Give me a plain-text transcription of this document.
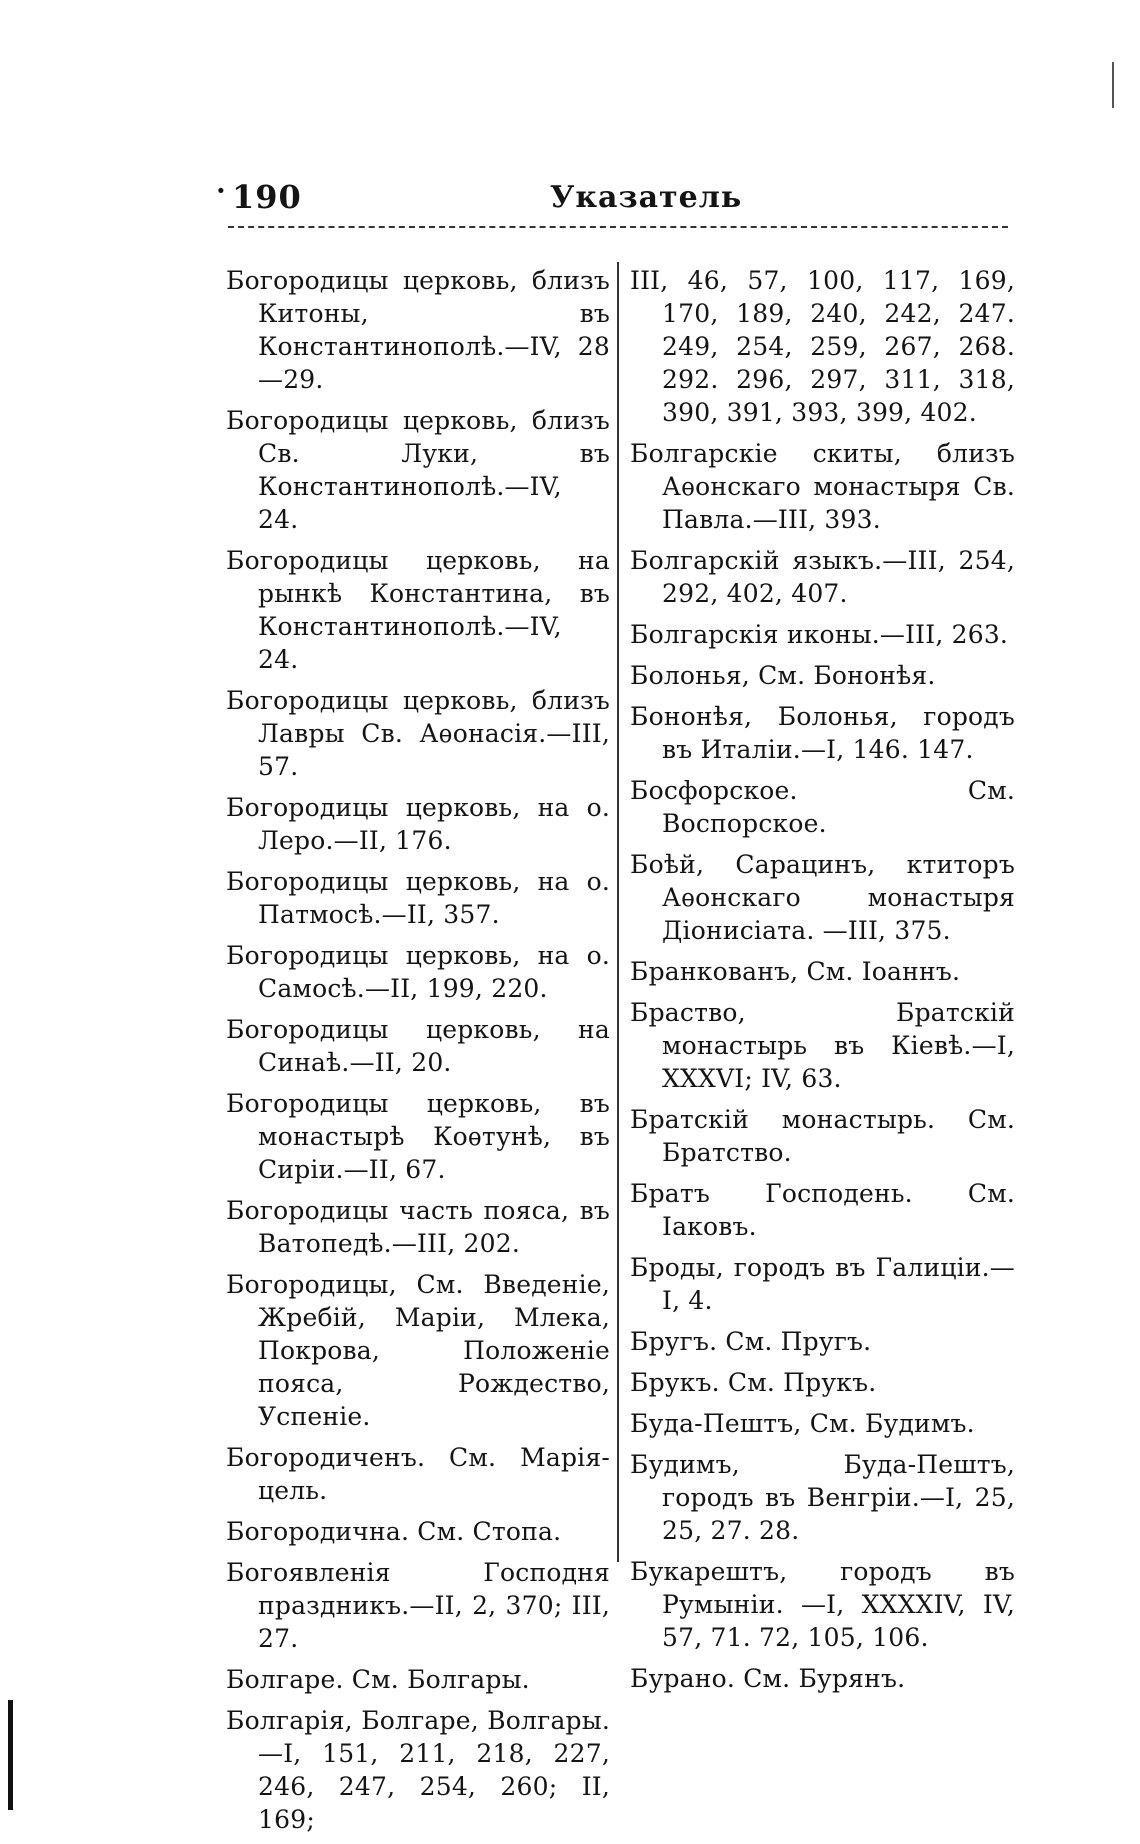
· 190	Указатель

Богородицы церковь, близъ Китоны, въ Константинополѣ.—IV, 28—29.

Богородицы церковь, близъ Св. Луки, въ Константинополѣ.—IV, 24.

Богородицы церковь, на рынкѣ Константина, въ Константинополѣ.—IV, 24.

Богородицы церковь, близъ Лавры Св. Аѳонасія.—III, 57.

Богородицы церковь, на о. Леро.—II, 176.

Богородицы церковь, на о. Патмосѣ.—II, 357.

Богородицы церковь, на о. Самосѣ.—II, 199, 220.

Богородицы церковь, на Синаѣ.—II, 20.

Богородицы церковь, въ монастырѣ Коѳтунѣ, въ Сиріи.—II, 67.

Богородицы часть пояса, въ Ватопедѣ.—III, 202.

Богородицы, См. Введеніе, Жребій, Маріи, Млека, Покрова, Положеніе пояса, Рождество, Успеніе.

Богородиченъ. См. Марія-цель.

Богородична. См. Стопа.

Богоявленія Господня праздникъ.—II, 2, 370; III, 27.

Болгаре. См. Болгары.

Болгарія, Болгаре, Волгары.—I, 151, 211, 218, 227, 246, 247, 254, 260; II, 169;

III, 46, 57, 100, 117, 169, 170, 189, 240, 242, 247. 249, 254, 259, 267, 268. 292. 296, 297, 311, 318, 390, 391, 393, 399, 402.

Болгарскіе скиты, близъ Аѳонскаго монастыря Св. Павла.—III, 393.

Болгарскій языкъ.—III, 254, 292, 402, 407.

Болгарскія иконы.—III, 263.

Болонья, См. Бононѣя.

Бононѣя, Болонья, городъ въ Италіи.—I, 146. 147.

Босфорское. См. Воспорское.

Боѣй, Сарацинъ, ктиторъ Аѳонскаго монастыря Діонисіата. —III, 375.

Бранкованъ, См. Іоаннъ.

Браство, Братскій монастырь въ Кіевѣ.—I, XXXVI; IV, 63.

Братскій монастырь. См. Братство.

Братъ Господень. См. Іаковъ.

Броды, городъ въ Галиціи.—I, 4.

Бругъ. См. Пругъ.

Брукъ. См. Прукъ.

Буда-Пештъ, См. Будимъ.

Будимъ, Буда-Пештъ, городъ въ Венгріи.—I, 25, 25, 27. 28.

Букарештъ, городъ въ Румыніи. —I, XXXXIV, IV, 57, 71. 72, 105, 106.

Бурано. См. Бурянъ.
